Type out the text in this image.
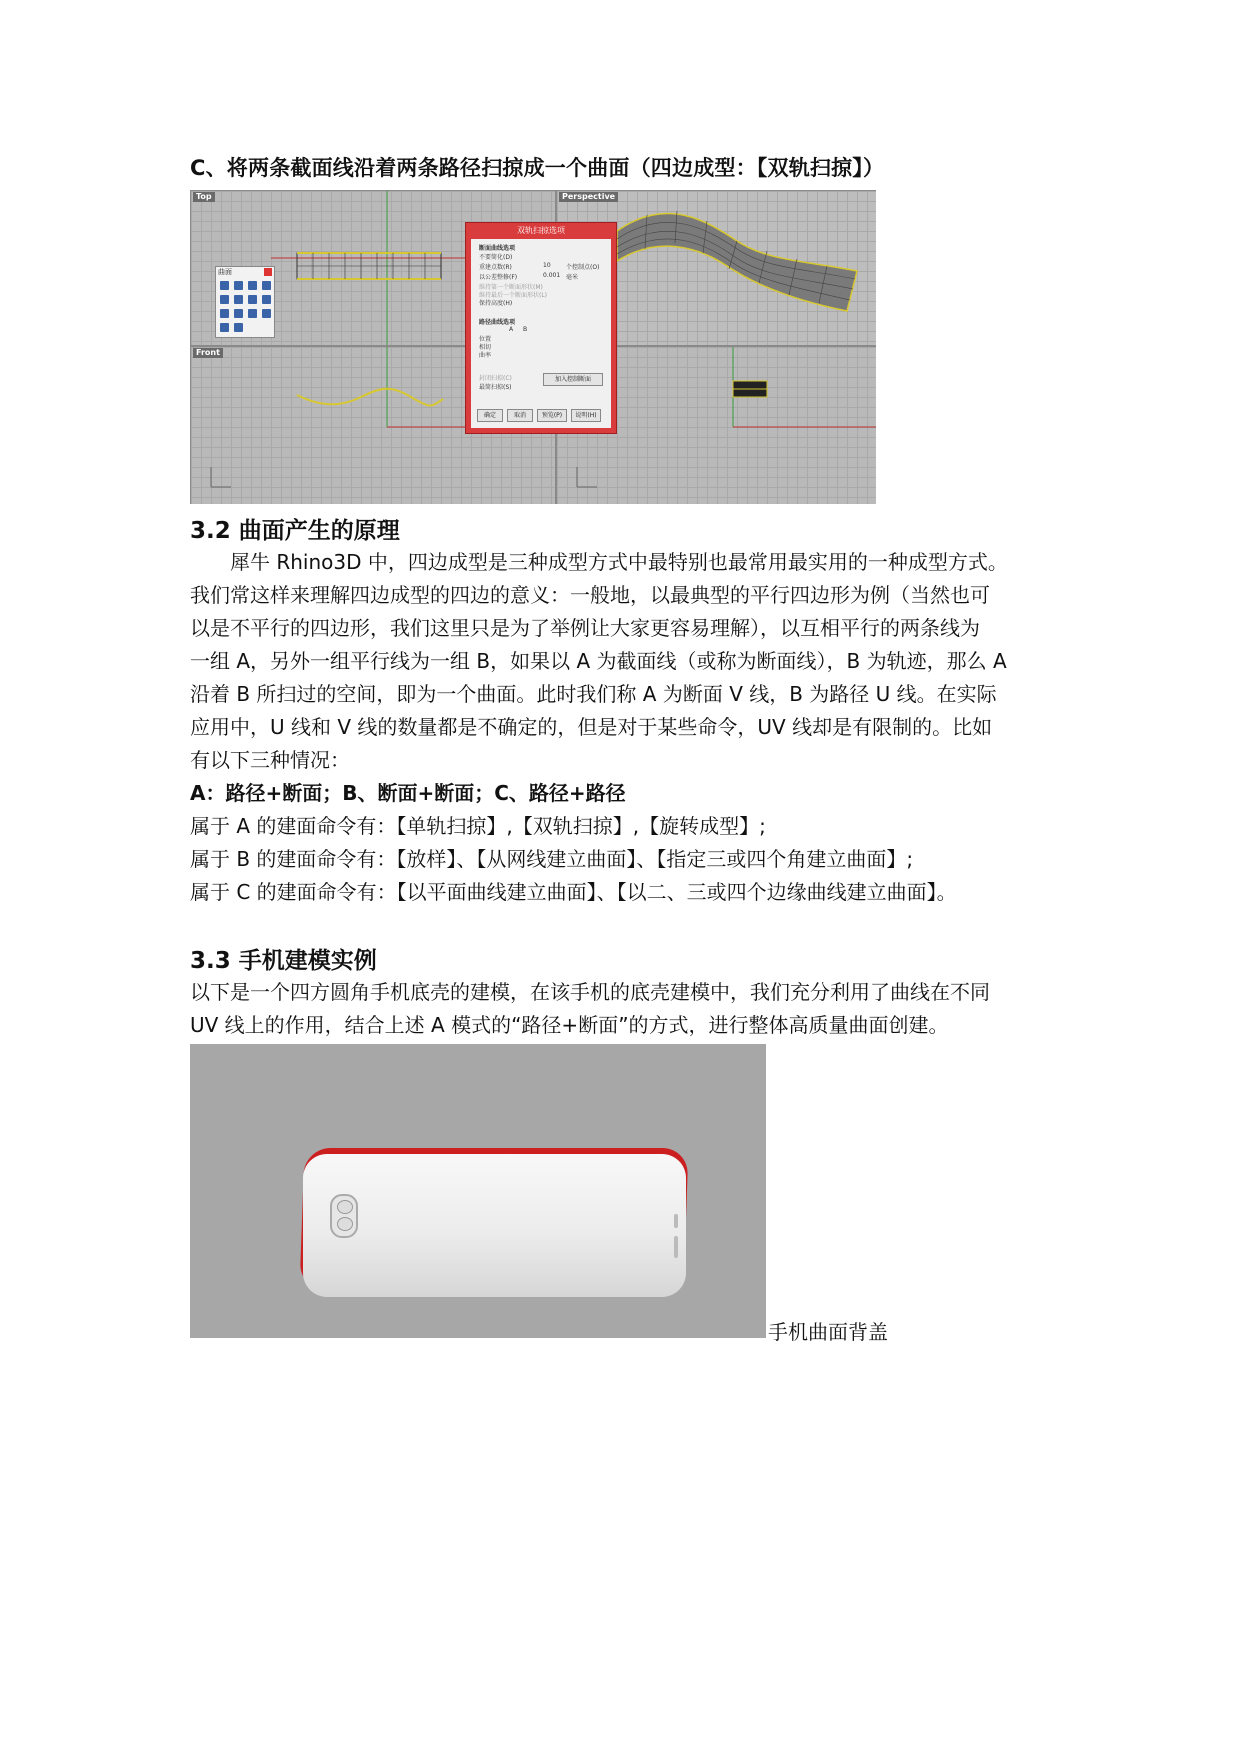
C、将两条截面线沿着两条路径扫掠成一个曲面（四边成型：【双轨扫掠】）
Top
曲面
Perspective
Front
双轨扫掠选项
断面曲线选项
不要简化(D)
重建点数(R)	10	个控制点(O)
以公差整修(F)	0.001 毫米
维持第一个断面形状(M)
维持最后一个断面形状(L)
保持高度(H)
路径曲线选项
A B
位置
相切
曲率
封闭扫掠(C)
最简扫掠(S)
加入控制断面
确定	取消	预览(P)	说明(H)
3.2 曲面产生的原理
　　犀牛 Rhino3D 中，四边成型是三种成型方式中最特别也最常用最实用的一种成型方式。
我们常这样来理解四边成型的四边的意义：一般地，以最典型的平行四边形为例（当然也可
以是不平行的四边形，我们这里只是为了举例让大家更容易理解），以互相平行的两条线为
一组 A，另外一组平行线为一组 B，如果以 A 为截面线（或称为断面线），B 为轨迹，那么 A
沿着 B 所扫过的空间，即为一个曲面。此时我们称 A 为断面 V 线，B 为路径 U 线。在实际
应用中，U 线和 V 线的数量都是不确定的，但是对于某些命令，UV 线却是有限制的。比如
有以下三种情况：
A：路径+断面；B、断面+断面；C、路径+路径
属于 A 的建面命令有：【单轨扫掠】,【双轨扫掠】,【旋转成型】;
属于 B 的建面命令有：【放样】、【从网线建立曲面】、【指定三或四个角建立曲面】;
属于 C 的建面命令有：【以平面曲线建立曲面】、【以二、三或四个边缘曲线建立曲面】。
3.3 手机建模实例
以下是一个四方圆角手机底壳的建模，在该手机的底壳建模中，我们充分利用了曲线在不同
UV 线上的作用，结合上述 A 模式的“路径+断面”的方式，进行整体高质量曲面创建。
手机曲面背盖
